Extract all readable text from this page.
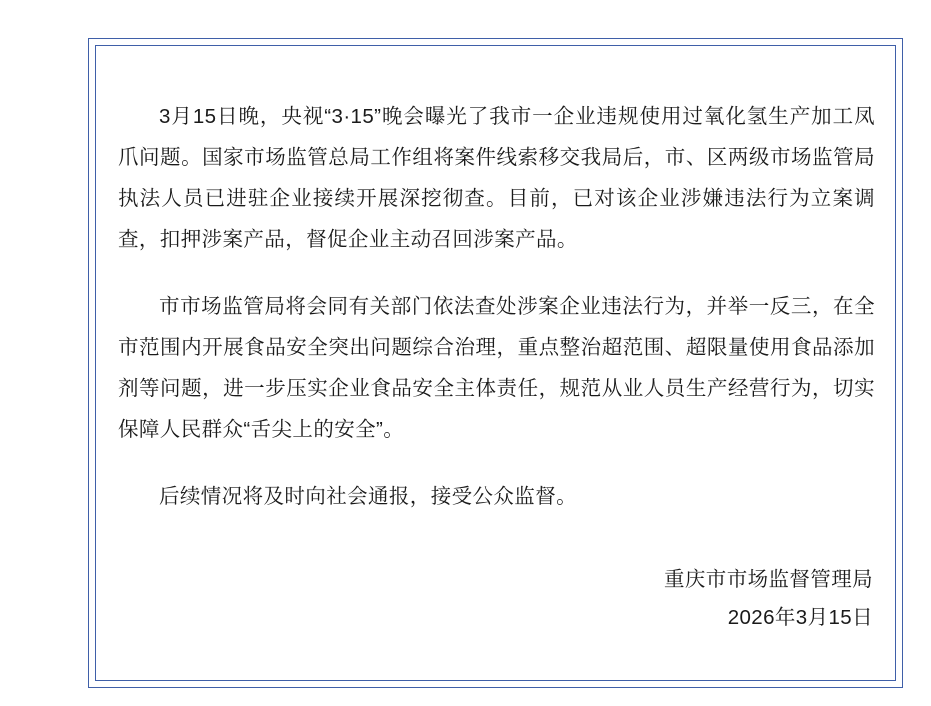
3月15日晚，央视“3·15”晚会曝光了我市一企业违规使用过氧化氢生产加工凤爪问题。国家市场监管总局工作组将案件线索移交我局后，市、区两级市场监管局执法人员已进驻企业接续开展深挖彻查。目前，已对该企业涉嫌违法行为立案调查，扣押涉案产品，督促企业主动召回涉案产品。

市市场监管局将会同有关部门依法查处涉案企业违法行为，并举一反三，在全市范围内开展食品安全突出问题综合治理，重点整治超范围、超限量使用食品添加剂等问题，进一步压实企业食品安全主体责任，规范从业人员生产经营行为，切实保障人民群众“舌尖上的安全”。

后续情况将及时向社会通报，接受公众监督。

重庆市市场监督管理局
2026年3月15日
